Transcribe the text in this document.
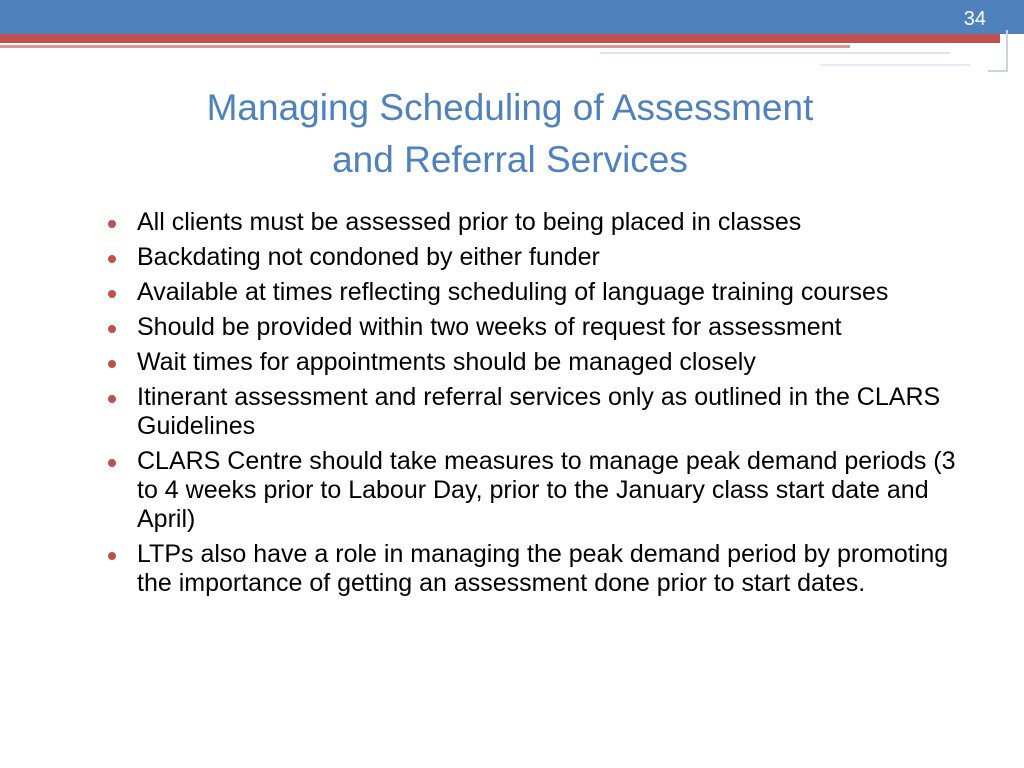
34
Managing Scheduling of Assessment
and Referral Services
All clients must be assessed prior to being placed in classes
Backdating not condoned by either funder
Available at times reflecting scheduling of language training courses
Should be provided within two weeks of request for assessment
Wait times for appointments should be managed closely
Itinerant assessment and referral services only as outlined in the CLARS Guidelines
CLARS Centre should take measures to manage peak demand periods (3 to 4 weeks prior to Labour Day, prior to the January class start date and April)
LTPs also have a role in managing the peak demand period by promoting the importance of getting an assessment done prior to start dates.
